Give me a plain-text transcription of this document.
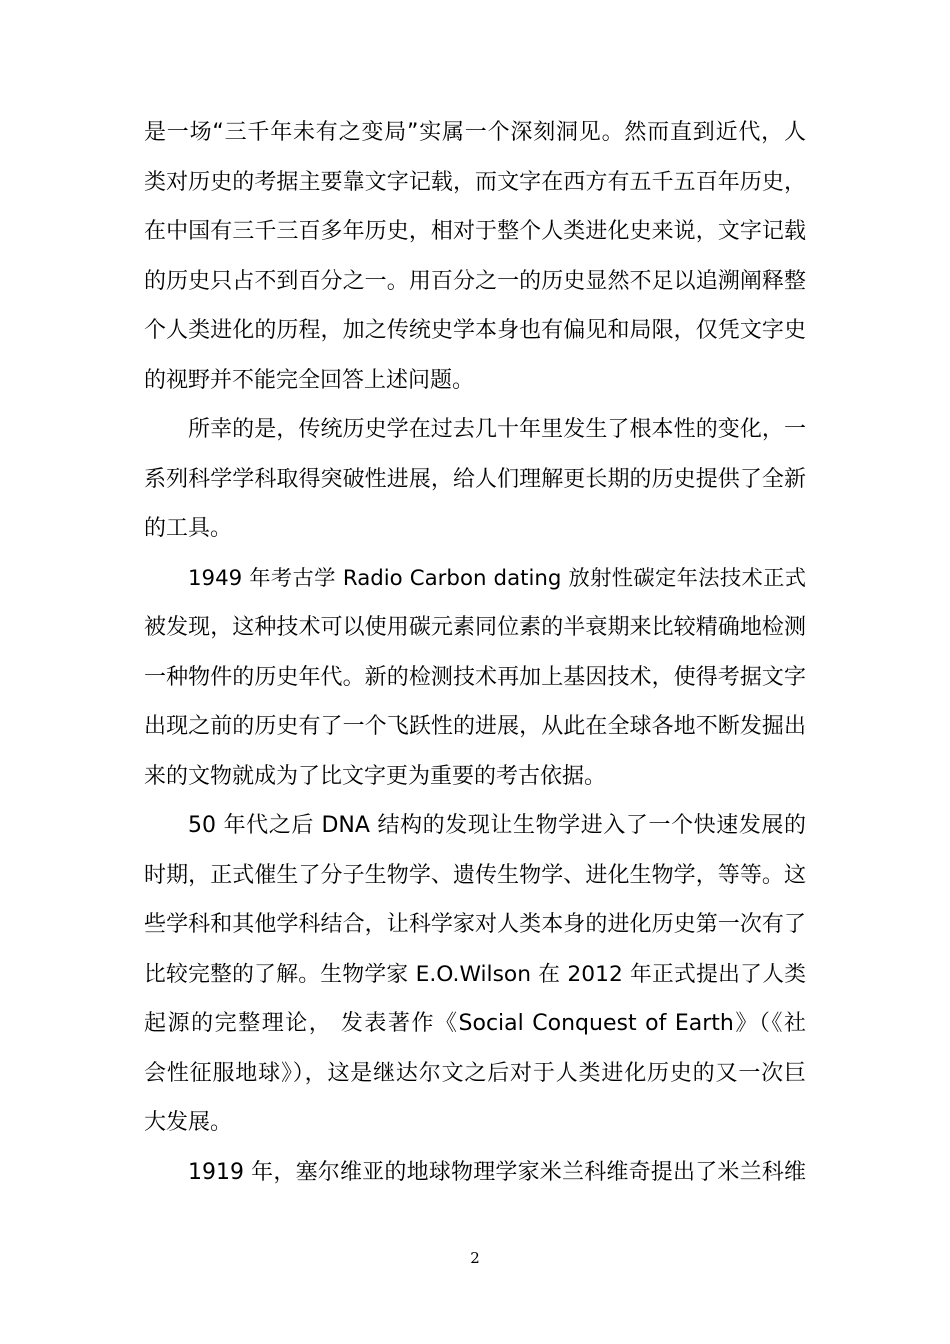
是一场“三千年未有之变局”实属一个深刻洞见。然而直到近代，人
类对历史的考据主要靠文字记载，而文字在西方有五千五百年历史，
在中国有三千三百多年历史，相对于整个人类进化史来说，文字记载
的历史只占不到百分之一。用百分之一的历史显然不足以追溯阐释整
个人类进化的历程，加之传统史学本身也有偏见和局限，仅凭文字史
的视野并不能完全回答上述问题。
所幸的是，传统历史学在过去几十年里发生了根本性的变化，一
系列科学学科取得突破性进展，给人们理解更长期的历史提供了全新
的工具。
1949 年考古学 Radio Carbon dating 放射性碳定年法技术正式
被发现，这种技术可以使用碳元素同位素的半衰期来比较精确地检测
一种物件的历史年代。新的检测技术再加上基因技术，使得考据文字
出现之前的历史有了一个飞跃性的进展，从此在全球各地不断发掘出
来的文物就成为了比文字更为重要的考古依据。
50 年代之后 DNA 结构的发现让生物学进入了一个快速发展的
时期，正式催生了分子生物学、遗传生物学、进化生物学，等等。这
些学科和其他学科结合，让科学家对人类本身的进化历史第一次有了
比较完整的了解。生物学家 E.O.Wilson 在 2012 年正式提出了人类
起源的完整理论， 发表著作《Social Conquest of Earth》（《社
会性征服地球》），这是继达尔文之后对于人类进化历史的又一次巨
大发展。
1919 年，塞尔维亚的地球物理学家米兰科维奇提出了米兰科维
2
